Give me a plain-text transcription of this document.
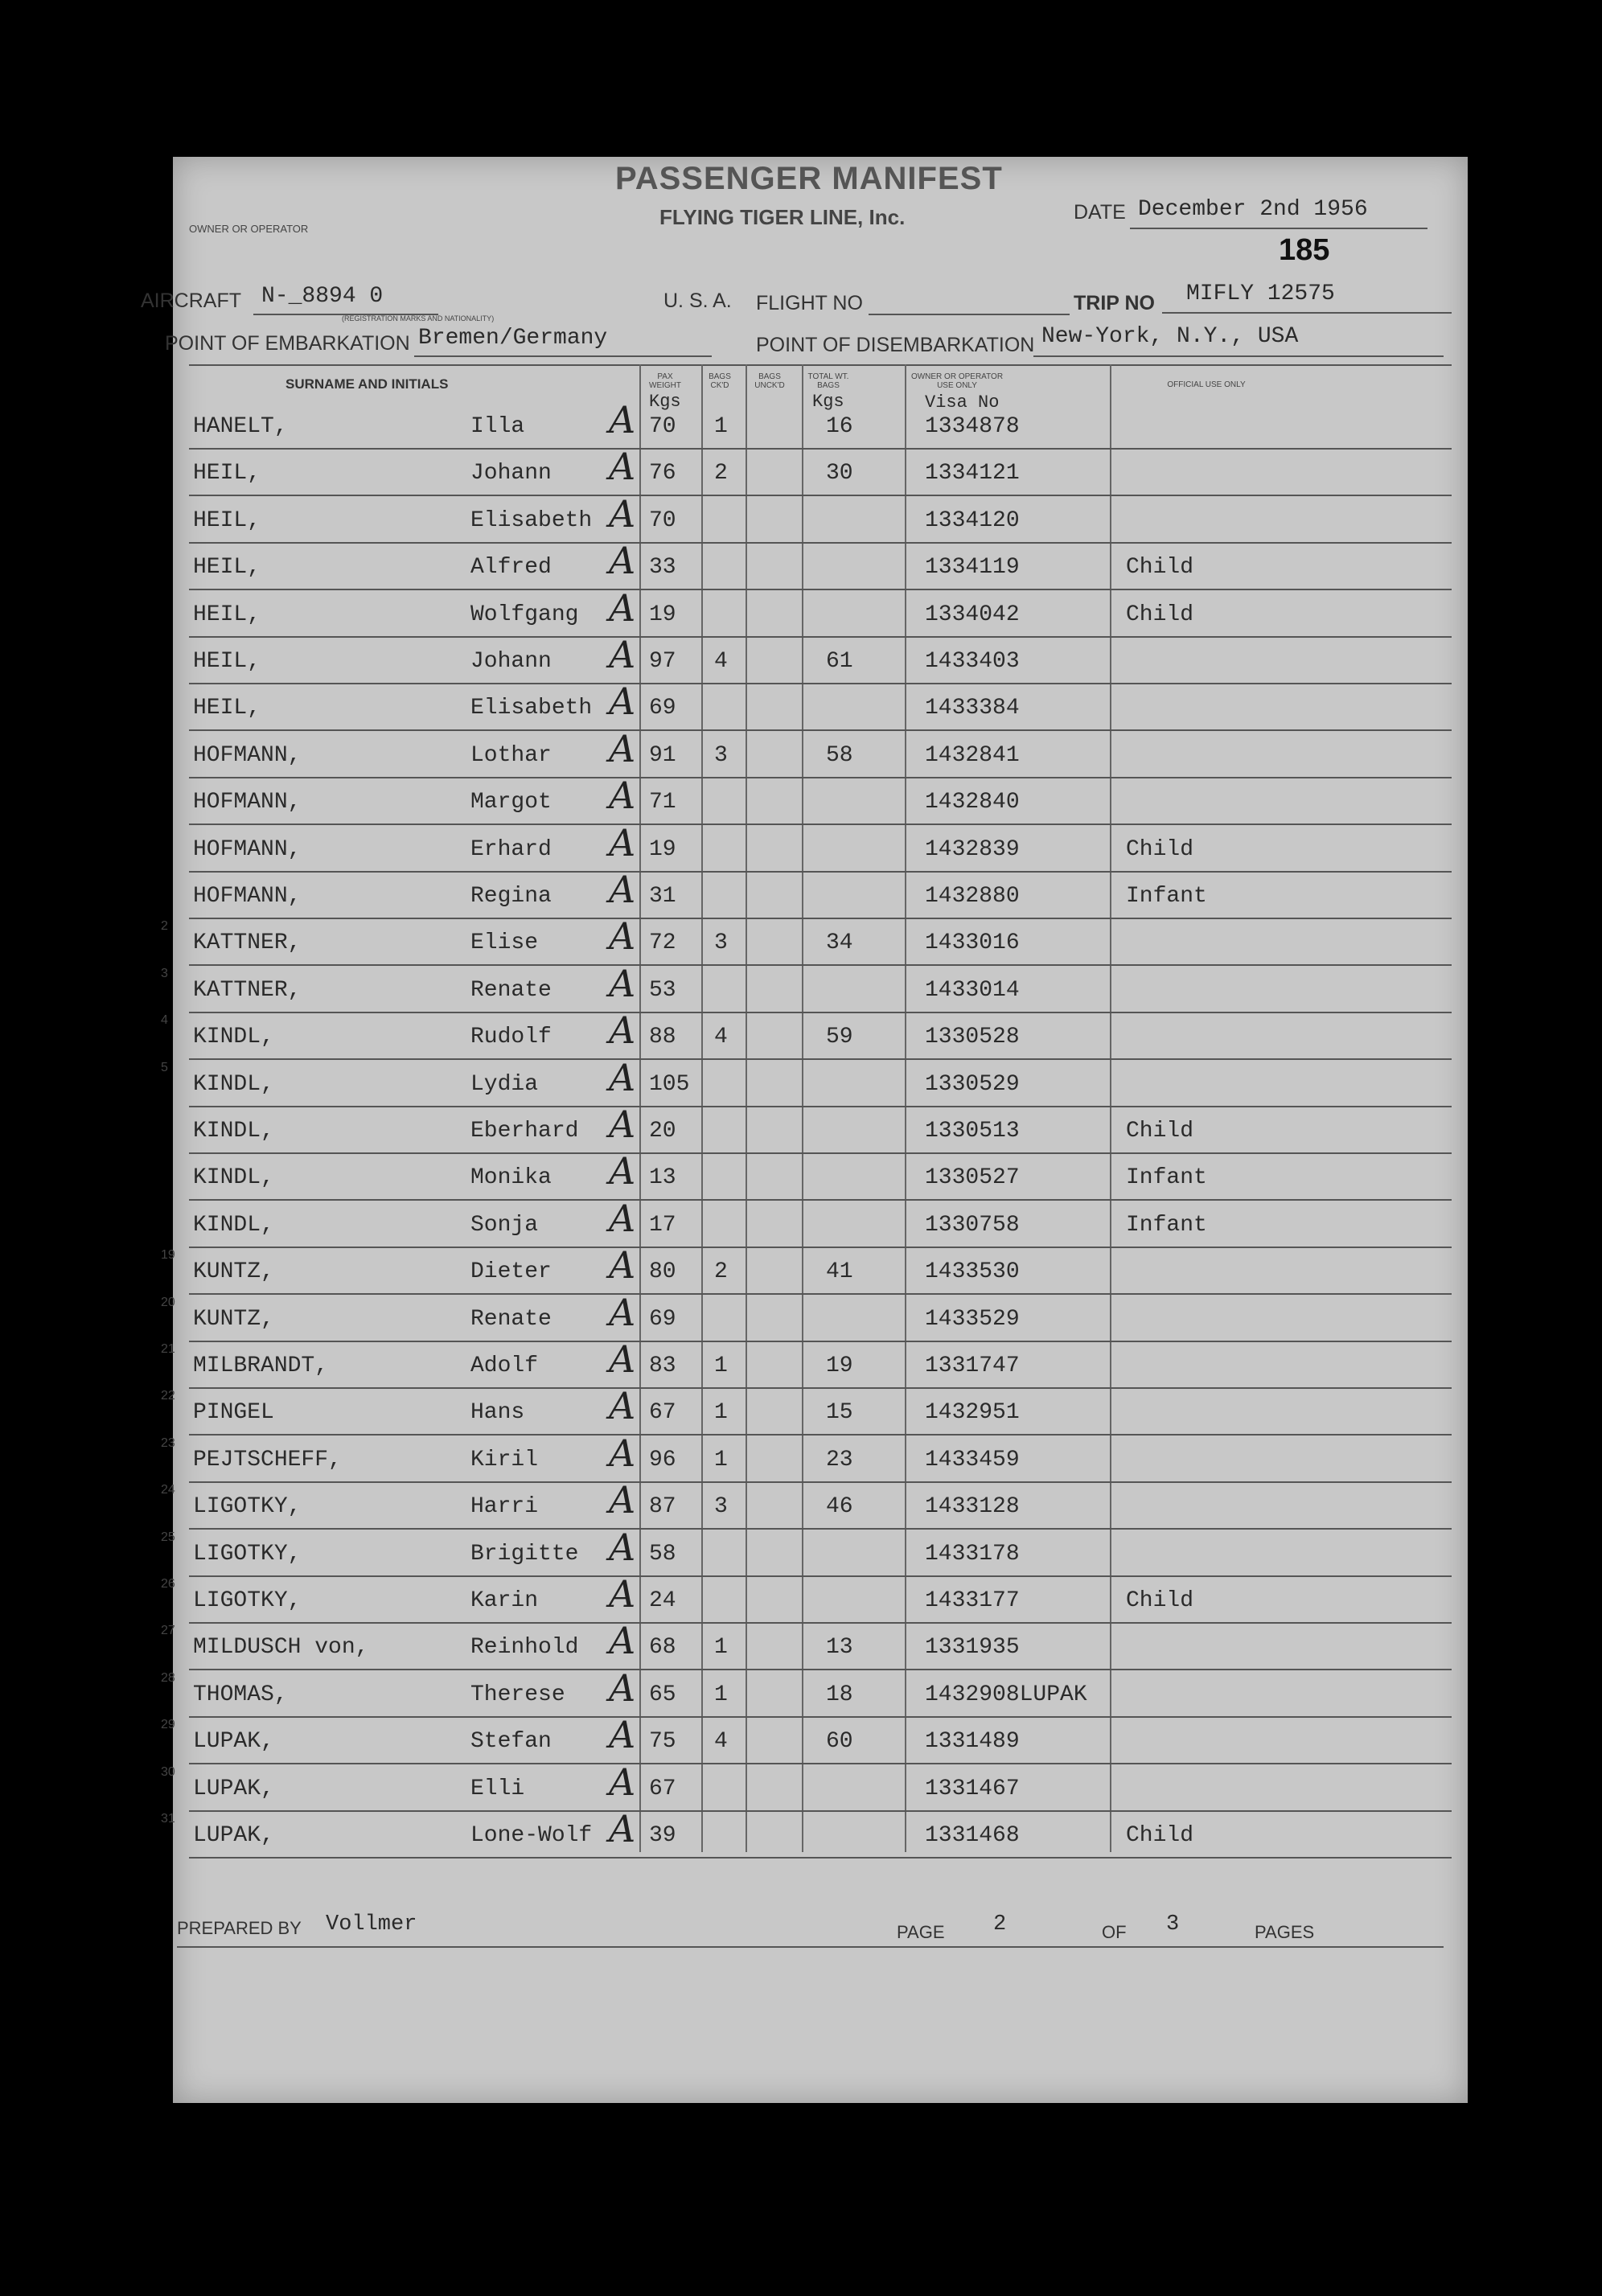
PASSENGER MANIFEST
FLYING TIGER LINE, Inc.
OWNER OR OPERATOR
DATE December 2nd 1956
185
AIRCRAFT N-_8894 0
(REGISTRATION MARKS AND NATIONALITY)
U. S. A. FLIGHT NO	TRIP NO MIFLY 12575
POINT OF EMBARKATION Bremen/Germany	POINT OF DISEMBARKATION New-York, N.Y., USA
SURNAME AND INITIALS	PAX WEIGHT
Kgs
BAGS CK'D
BAGS UNCK'D
TOTAL WT. BAGS
Kgs
OWNER OR OPERATOR USE ONLY
Visa No
OFFICIAL USE ONLY
HANELT,	Illa A 70 1	16	1334878
HEIL,	Johann A 76 2	30	1334121
HEIL,	Elisabeth A 70	1334120
HEIL,	Alfred A 33	1334119	Child
HEIL,	Wolfgang A 19	1334042	Child
HEIL,	Johann A 97 4	61	1433403
HEIL,	Elisabeth A 69	1433384
HOFMANN,	Lothar A 91 3	58	1432841
HOFMANN,	Margot A 71	1432840
HOFMANN,	Erhard A 19	1432839	Child
HOFMANN,	Regina A 31	1432880	Infant
2
KATTNER,	Elise A 72 3	34	1433016
3
KATTNER,	Renate A 53	1433014
4
KINDL,	Rudolf A 88 4	59	1330528
5
KINDL,	Lydia A 105	1330529
KINDL,	Eberhard A 20	1330513	Child
KINDL,	Monika A 13	1330527	Infant
KINDL,	Sonja A 17	1330758	Infant
19
KUNTZ,	Dieter A 80 2	41	1433530
20
KUNTZ,	Renate A 69	1433529
21
MILBRANDT,	Adolf A 83 1	19	1331747
22
PINGEL	Hans A 67 1	15	1432951
23
PEJTSCHEFF,	Kiril A 96 1	23	1433459
24
LIGOTKY,	Harri A 87 3	46	1433128
25
LIGOTKY,	Brigitte A 58	1433178
26
LIGOTKY,	Karin A 24	1433177	Child
27
MILDUSCH von,	Reinhold A 68 1	13	1331935
28
THOMAS,	Therese A 65 1	18	1432908LUPAK
29
LUPAK,	Stefan A 75 4	60	1331489
30
LUPAK,	Elli A 67	1331467
31
LUPAK,	Lone-Wolf A 39	1331468	Child
PREPARED BY Vollmer	PAGE 2	OF 3	PAGES
